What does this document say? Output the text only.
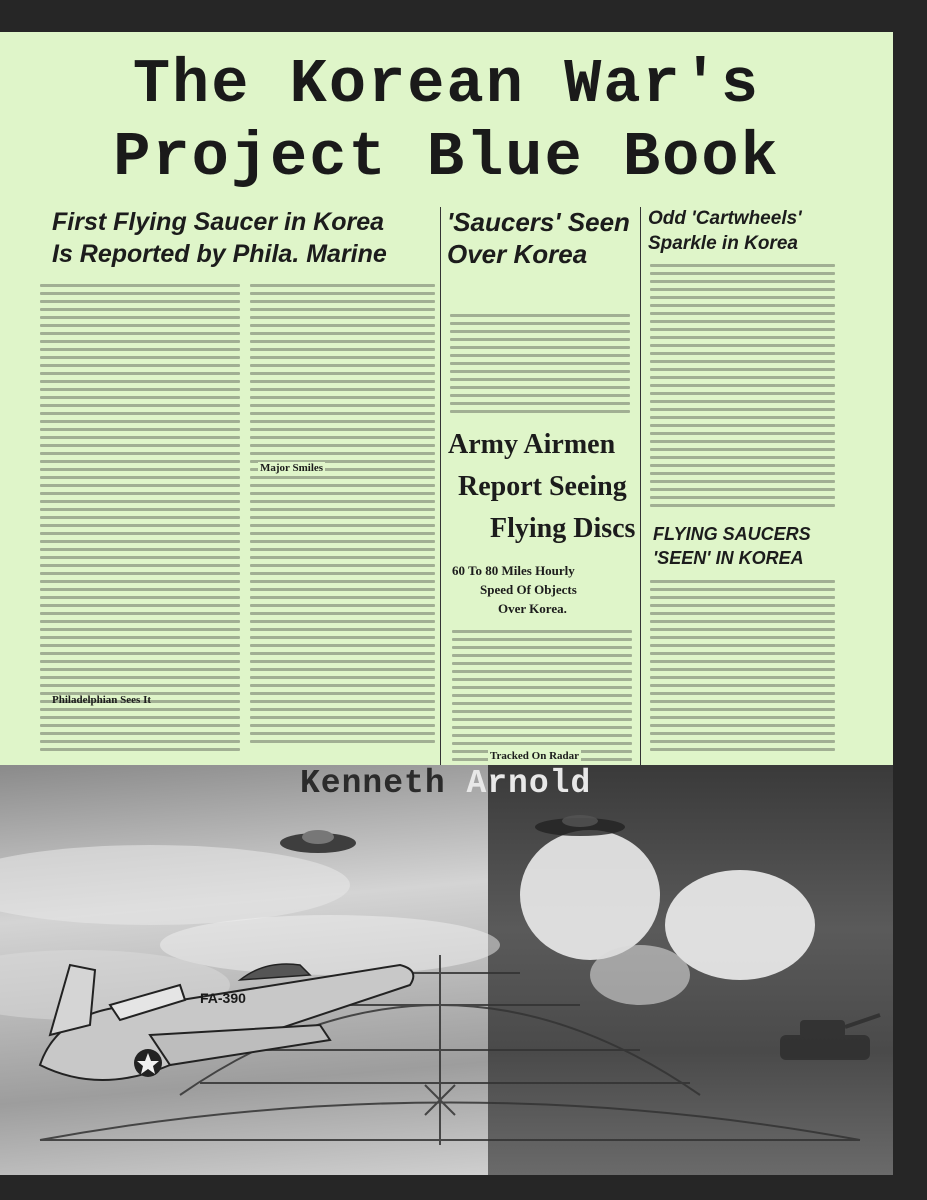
The Korean War's
Project Blue Book
First Flying Saucer in Korea
Is Reported by Phila. Marine
'Saucers' Seen
Over Korea
Odd 'Cartwheels'
Sparkle in Korea
Philadelphian Sees It
Major Smiles
Army Airmen
Report Seeing
Flying Discs
60 To 80 Miles Hourly
Speed Of Objects
Over Korea.
Tracked On Radar
FLYING SAUCERS
'SEEN' IN KOREA
FA-390
Kenneth Arnold
